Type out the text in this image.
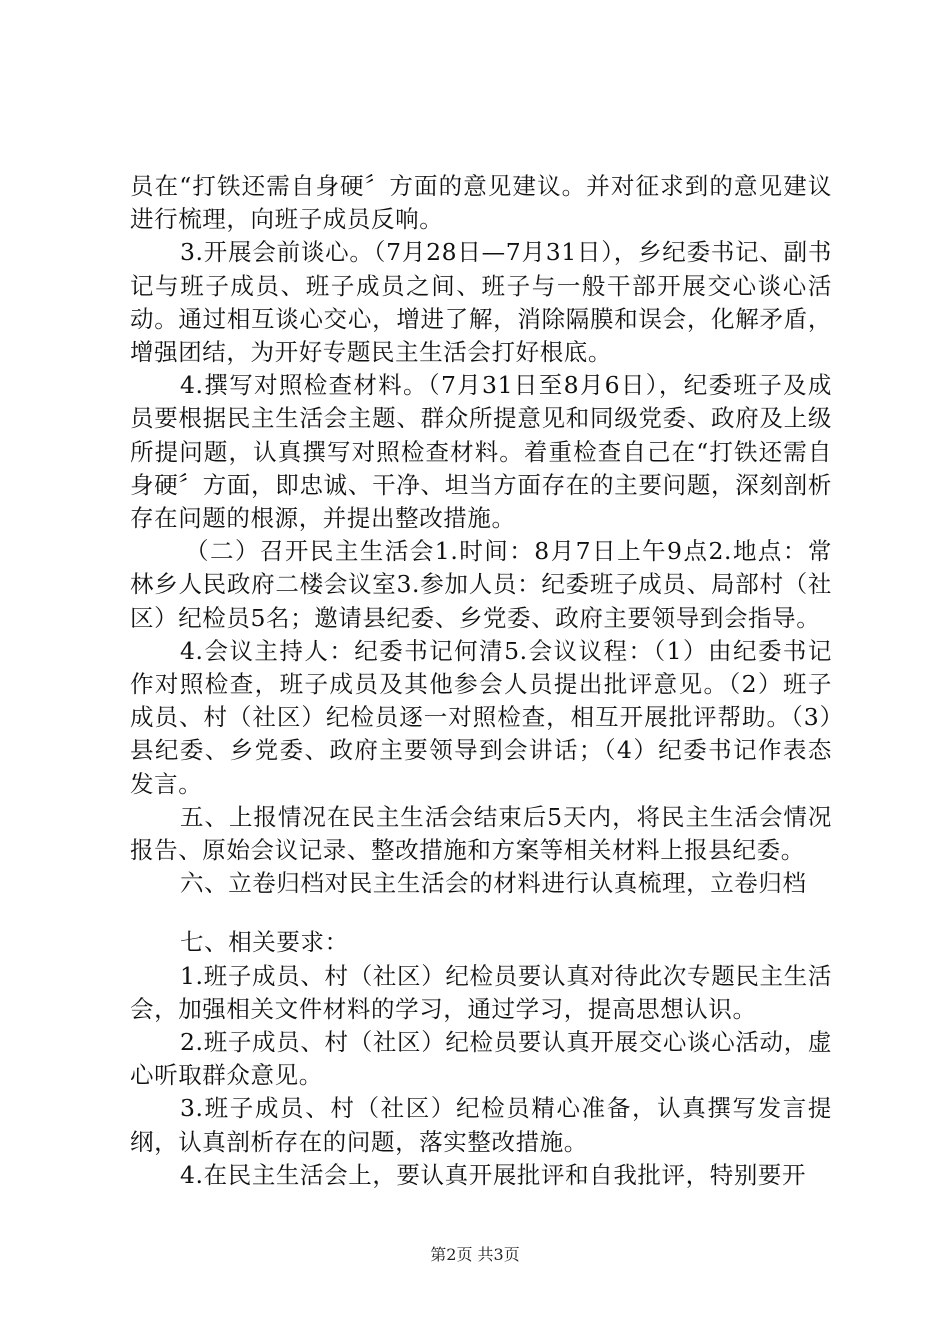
员在“打铁还需自身硬〞方面的意见建议。并对征求到的意见建议进行梳理，向班子成员反响。

3.开展会前谈心。（7月28日—7月31日），乡纪委书记、副书记与班子成员、班子成员之间、班子与一般干部开展交心谈心活动。通过相互谈心交心，增进了解，消除隔膜和误会，化解矛盾，增强团结，为开好专题民主生活会打好根底。

4.撰写对照检查材料。（7月31日至8月6日），纪委班子及成员要根据民主生活会主题、群众所提意见和同级党委、政府及上级所提问题，认真撰写对照检查材料。着重检查自己在“打铁还需自身硬〞方面，即忠诚、干净、坦当方面存在的主要问题，深刻剖析存在问题的根源，并提出整改措施。

（二）召开民主生活会1.时间：8月7日上午9点2.地点：常林乡人民政府二楼会议室3.参加人员：纪委班子成员、局部村（社区）纪检员5名；邀请县纪委、乡党委、政府主要领导到会指导。

4.会议主持人：纪委书记何清5.会议议程：（1）由纪委书记作对照检查，班子成员及其他参会人员提出批评意见。（2）班子成员、村（社区）纪检员逐一对照检查，相互开展批评帮助。（3）县纪委、乡党委、政府主要领导到会讲话；（4）纪委书记作表态发言。

五、上报情况在民主生活会结束后5天内，将民主生活会情况报告、原始会议记录、整改措施和方案等相关材料上报县纪委。

六、立卷归档对民主生活会的材料进行认真梳理，立卷归档

七、相关要求：

1.班子成员、村（社区）纪检员要认真对待此次专题民主生活会，加强相关文件材料的学习，通过学习，提高思想认识。

2.班子成员、村（社区）纪检员要认真开展交心谈心活动，虚心听取群众意见。

3.班子成员、村（社区）纪检员精心准备，认真撰写发言提纲，认真剖析存在的问题，落实整改措施。

4.在民主生活会上，要认真开展批评和自我批评，特别要开

第2页 共3页
